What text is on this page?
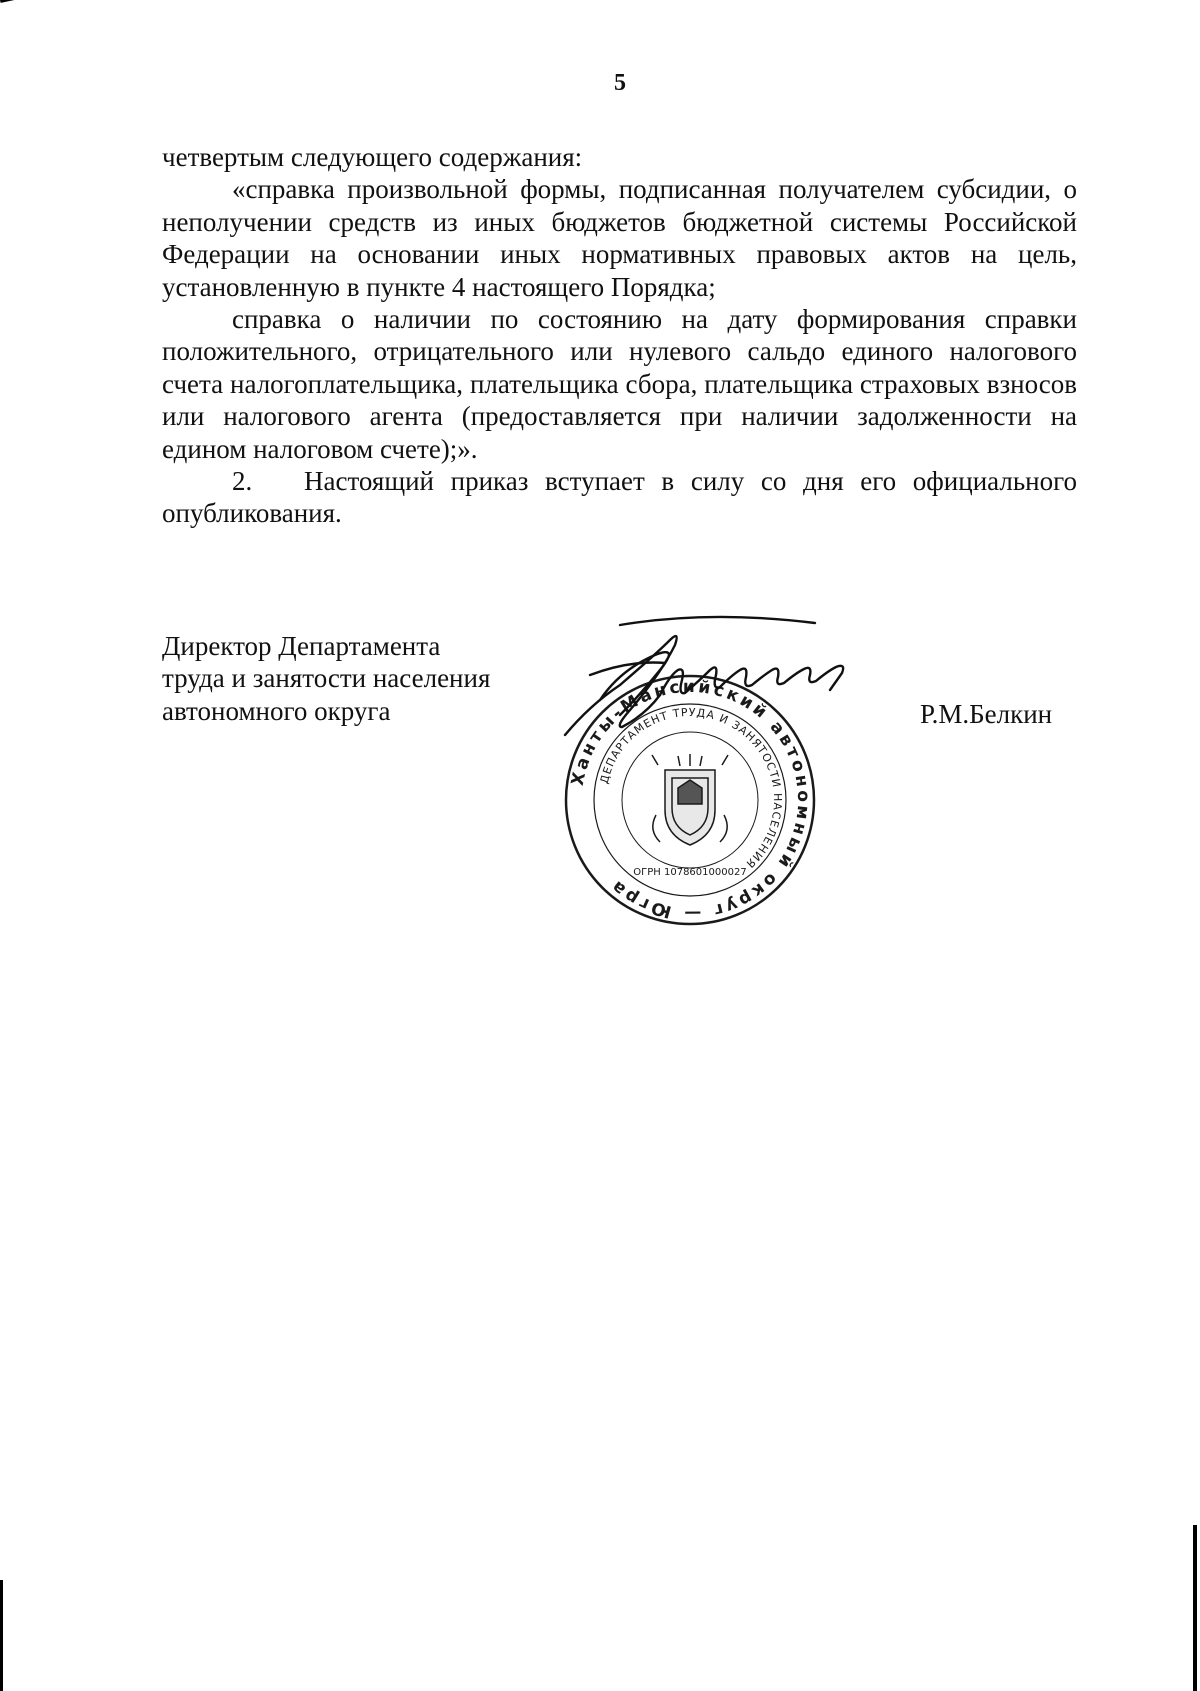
5

четвертым следующего содержания:

«справка произвольной формы, подписанная получателем субсидии, о неполучении средств из иных бюджетов бюджетной системы Российской Федерации на основании иных нормативных правовых актов на цель, установленную в пункте 4 настоящего Порядка;

справка о наличии по состоянию на дату формирования справки положительного, отрицательного или нулевого сальдо единого налогового счета налогоплательщика, плательщика сбора, плательщика страховых взносов или налогового агента (предоставляется при наличии задолженности на едином налоговом счете);».

2. Настоящий приказ вступает в силу со дня его официального опубликования.

Директор Департамента
труда и занятости населения
автономного округа
Ханты-Мансийский автономный округ — Югра
ДЕПАРТАМЕНТ ТРУДА И ЗАНЯТОСТИ НАСЕЛЕНИЯ
ОГРН 1078601000027
Р.М.Белкин
